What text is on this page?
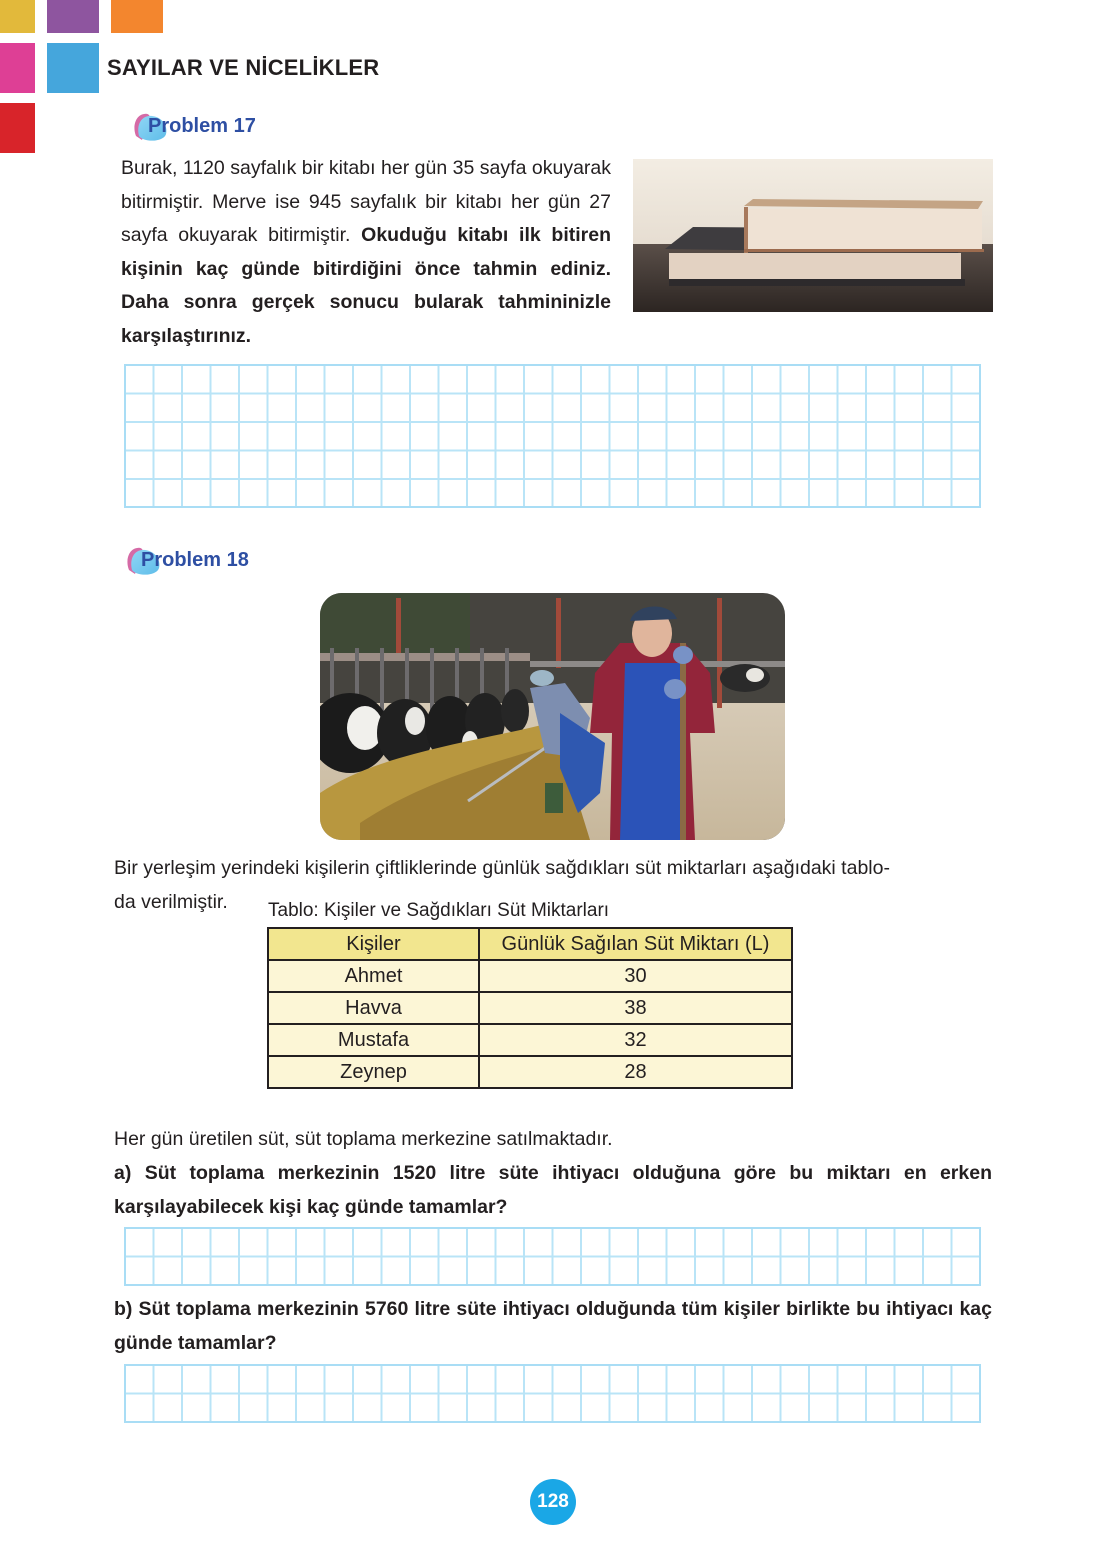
SAYILAR VE NİCELİKLER
Problem 17
Burak, 1120 sayfalık bir kitabı her gün 35 sayfa okuyarak bitirmiştir. Merve ise 945 sayfalık bir kitabı her gün 27 sayfa okuyarak bitirmiştir. Okuduğu kitabı ilk bitiren kişinin kaç günde bitirdiğini önce tahmin ediniz. Daha sonra gerçek sonucu bularak tahmininizle karşılaştırınız.
Problem 18
Bir yerleşim yerindeki kişilerin çiftliklerinde günlük sağdıkları süt miktarları aşağıdaki tablo-
da verilmiştir. Tablo: Kişiler ve Sağdıkları Süt Miktarları
Kişiler	Günlük Sağılan Süt Miktarı (L)
Ahmet	30
Havva	38
Mustafa	32
Zeynep	28
Her gün üretilen süt, süt toplama merkezine satılmaktadır.
a) Süt toplama merkezinin 1520 litre süte ihtiyacı olduğuna göre bu miktarı en erken karşılayabilecek kişi kaç günde tamamlar?
b) Süt toplama merkezinin 5760 litre süte ihtiyacı olduğunda tüm kişiler birlikte bu ihtiyacı kaç günde tamamlar?
128
